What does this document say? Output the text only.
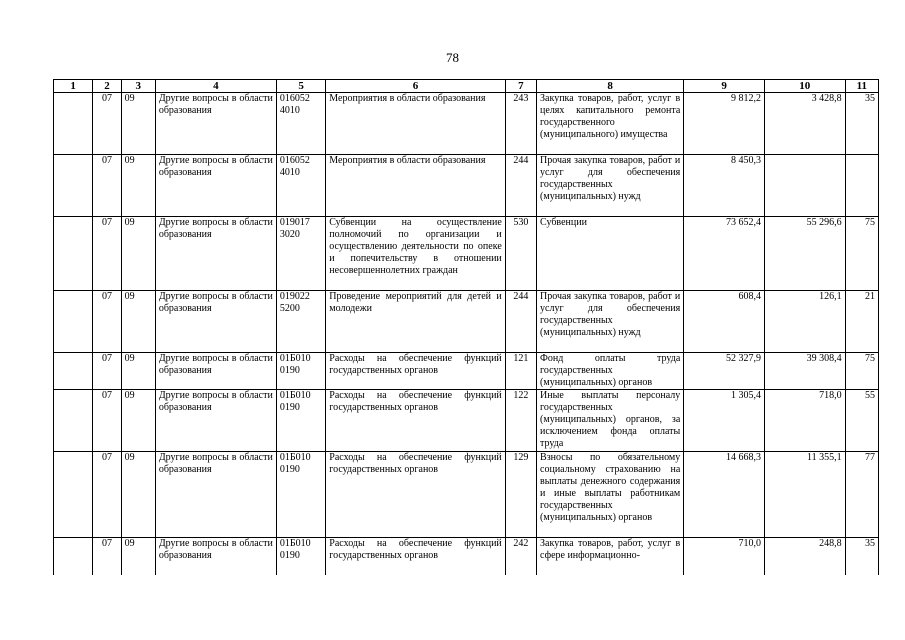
78
1	2	3	4	5	6	7	8	9	10	11
	07	09	Другие вопросы в области образования	016052 4010	Мероприятия в области образования	243	Закупка товаров, работ, услуг в целях капитального ремонта государственного (муниципального) имущества	9 812,2	3 428,8	35
	07	09	Другие вопросы в области образования	016052 4010	Мероприятия в области образования	244	Прочая закупка товаров, работ и услуг для обеспечения государственных (муниципальных) нужд	8 450,3		
	07	09	Другие вопросы в области образования	019017 3020	Субвенции на осуществление полномочий по организации и осуществлению деятельности по опеке и попечительству в отношении несовершеннолетних граждан	530	Субвенции	73 652,4	55 296,6	75
	07	09	Другие вопросы в области образования	019022 5200	Проведение мероприятий для детей и молодежи	244	Прочая закупка товаров, работ и услуг для обеспечения государственных (муниципальных) нужд	608,4	126,1	21
	07	09	Другие вопросы в области образования	01Б010 0190	Расходы на обеспечение функций государственных органов	121	Фонд оплаты труда государственных (муниципальных) органов	52 327,9	39 308,4	75
	07	09	Другие вопросы в области образования	01Б010 0190	Расходы на обеспечение функций государственных органов	122	Иные выплаты персоналу государственных (муниципальных) органов, за исключением фонда оплаты труда	1 305,4	718,0	55
	07	09	Другие вопросы в области образования	01Б010 0190	Расходы на обеспечение функций государственных органов	129	Взносы по обязательному социальному страхованию на выплаты денежного содержания и иные выплаты работникам государственных (муниципальных) органов	14 668,3	11 355,1	77
	07	09	Другие вопросы в области образования	01Б010 0190	Расходы на обеспечение функций государственных органов	242	Закупка товаров, работ, услуг в сфере информационно-	710,0	248,8	35
